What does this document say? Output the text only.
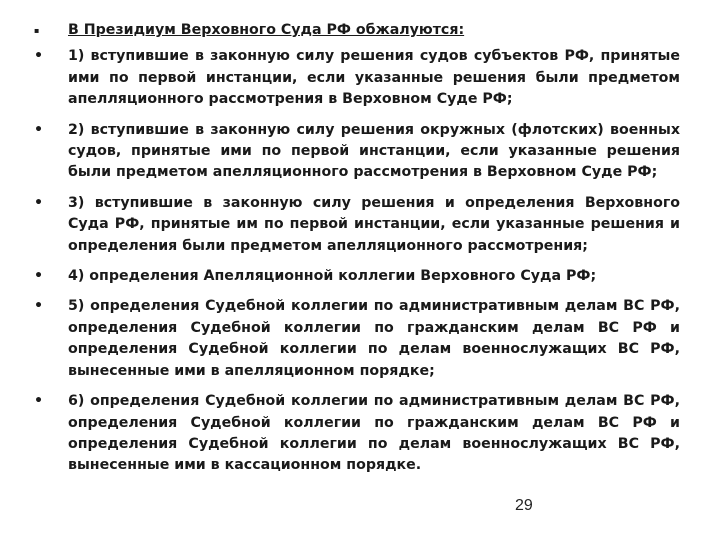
▪	В Президиум Верховного Суда РФ обжалуются:
•	1) вступившие в законную силу решения судов субъектов РФ, принятые ими по первой инстанции, если указанные решения были предметом апелляционного рассмотрения в Верховном Суде РФ;
•	2) вступившие в законную силу решения окружных (флотских) военных судов, принятые ими по первой инстанции, если указанные решения были предметом апелляционного рассмотрения в Верховном Суде РФ;
•	3) вступившие в законную силу решения и определения Верховного Суда РФ, принятые им по первой инстанции, если указанные решения и определения были предметом апелляционного рассмотрения;
•	4) определения Апелляционной коллегии Верховного Суда РФ;
•	5) определения Судебной коллегии по административным делам ВС РФ, определения Судебной коллегии по гражданским делам ВС РФ и определения Судебной коллегии по делам военнослужащих ВС РФ, вынесенные ими в апелляционном порядке;
•	6) определения Судебной коллегии по административным делам ВС РФ, определения Судебной коллегии по гражданским делам ВС РФ и определения Судебной коллегии по делам военнослужащих ВС РФ, вынесенные ими в кассационном порядке.
29
